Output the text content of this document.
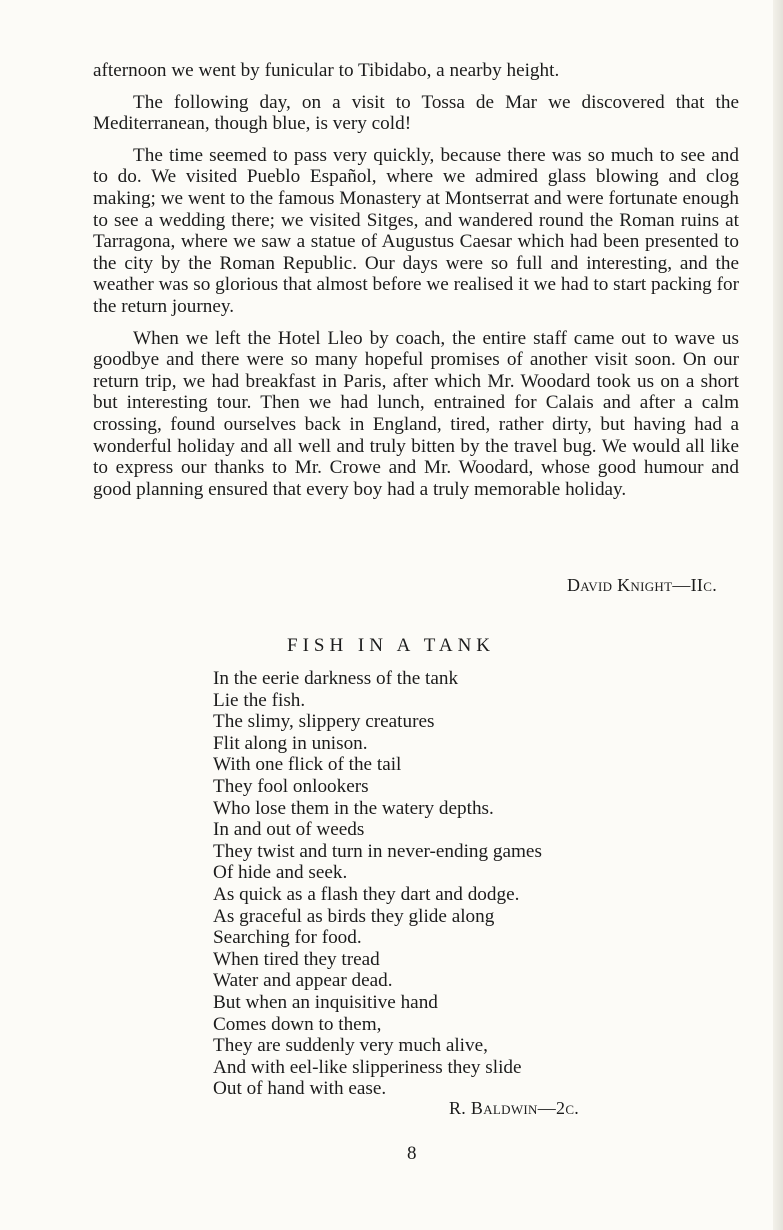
afternoon we went by funicular to Tibidabo, a nearby height.

The following day, on a visit to Tossa de Mar we discovered that the Mediterranean, though blue, is very cold!

The time seemed to pass very quickly, because there was so much to see and to do. We visited Pueblo Español, where we admired glass blowing and clog making; we went to the famous Monastery at Montserrat and were fortunate enough to see a wedding there; we visited Sitges, and wandered round the Roman ruins at Tarragona, where we saw a statue of Augustus Caesar which had been presented to the city by the Roman Republic. Our days were so full and interesting, and the weather was so glorious that almost before we realised it we had to start packing for the return journey.

When we left the Hotel Lleo by coach, the entire staff came out to wave us goodbye and there were so many hopeful promises of another visit soon. On our return trip, we had breakfast in Paris, after which Mr. Woodard took us on a short but interesting tour. Then we had lunch, entrained for Calais and after a calm crossing, found ourselves back in England, tired, rather dirty, but having had a wonderful holiday and all well and truly bitten by the travel bug. We would all like to express our thanks to Mr. Crowe and Mr. Woodard, whose good humour and good planning ensured that every boy had a truly memorable holiday.

David Knight—IIc.
FISH IN A TANK
In the eerie darkness of the tank
Lie the fish.
The slimy, slippery creatures
Flit along in unison.
With one flick of the tail
They fool onlookers
Who lose them in the watery depths.
In and out of weeds
They twist and turn in never-ending games
Of hide and seek.
As quick as a flash they dart and dodge.
As graceful as birds they glide along
Searching for food.
When tired they tread
Water and appear dead.
But when an inquisitive hand
Comes down to them,
They are suddenly very much alive,
And with eel-like slipperiness they slide
Out of hand with ease.
R. Baldwin—2c.
8
